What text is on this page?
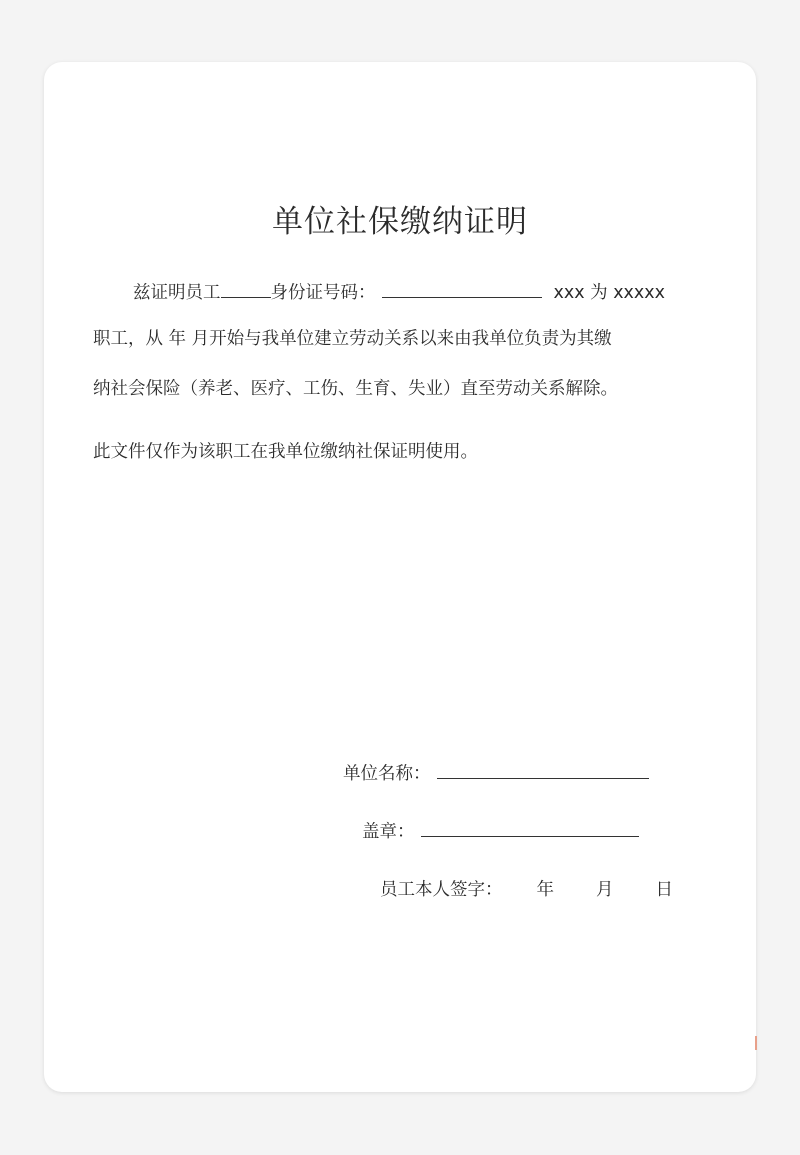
单位社保缴纳证明
兹证明员工	身份证号码：	xxx 为 xxxxx
职工，从 年 月开始与我单位建立劳动关系以来由我单位负责为其缴
纳社会保险（养老、医疗、工伤、生育、失业）直至劳动关系解除。
此文件仅作为该职工在我单位缴纳社保证明使用。
单位名称：
盖章：
员工本人签字： 年 月 日
